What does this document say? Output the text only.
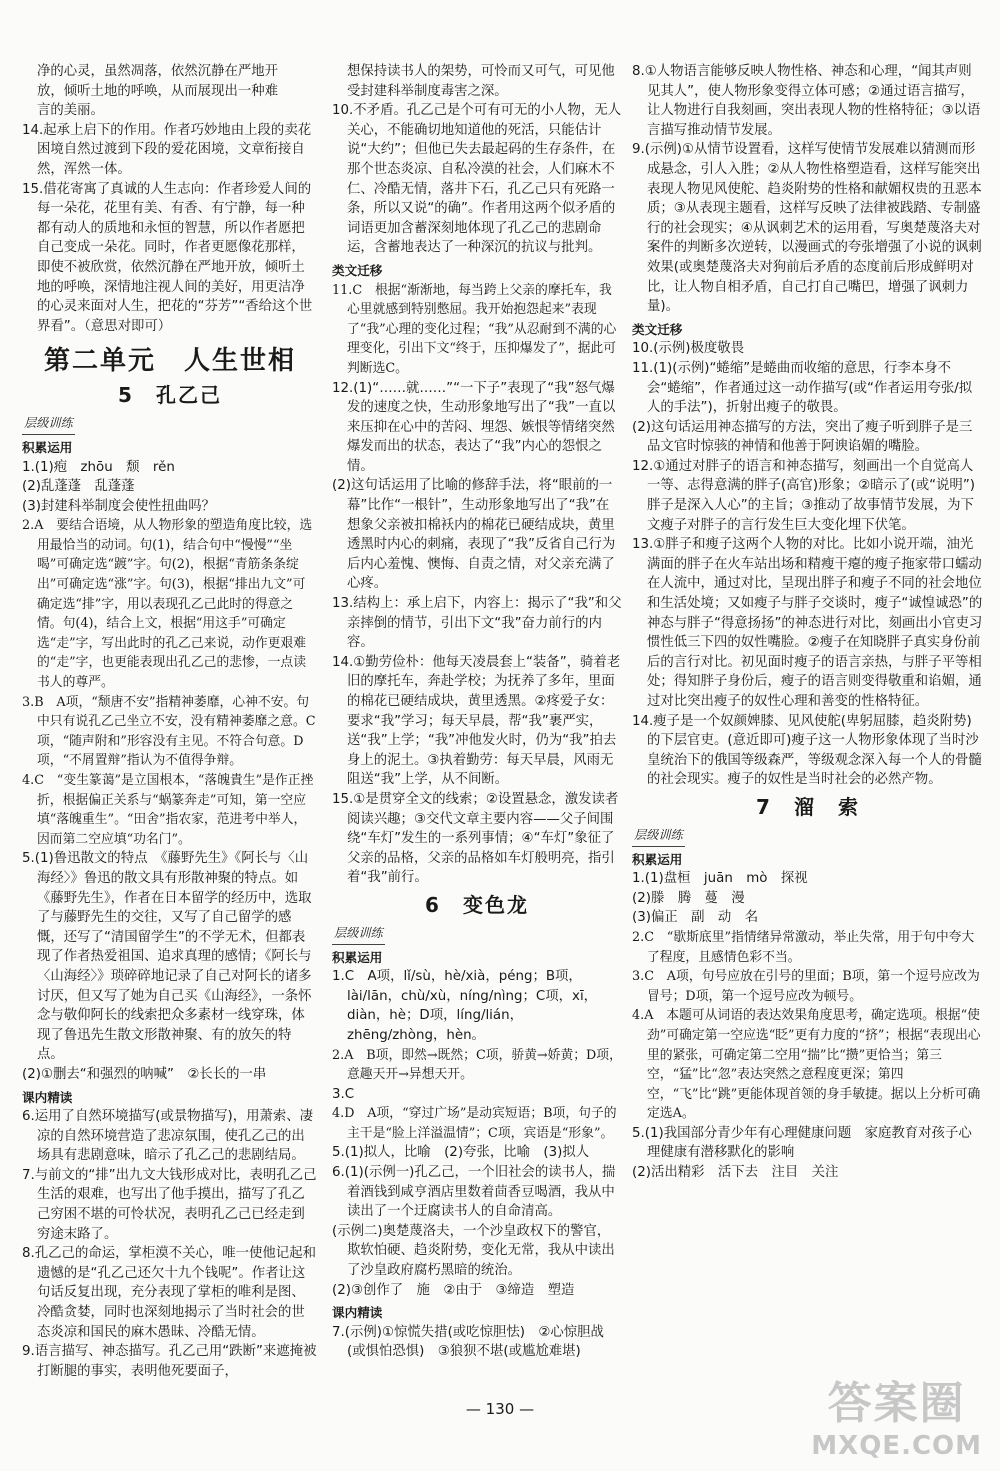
净的心灵，虽然凋落，依然沉静在严地开
放，倾听土地的呼唤，从而展现出一种难
言的美丽。
14.起承上启下的作用。作者巧妙地由上段的卖花困境自然过渡到下段的爱花困境，文章衔接自然，浑然一体。
15.借花寄寓了真诚的人生志向：作者珍爱人间的每一朵花，花里有美、有香、有宁静，每一种都有动人的质地和永恒的智慧，所以作者愿把自己变成一朵花。同时，作者更愿像花那样，即使不被欣赏，依然沉静在严地开放，倾听土地的呼唤，深情地注视人间的美好，用更洁净的心灵来面对人生，把花的“芬芳”“香给这个世界看”。（意思对即可）
第二单元　人生世相
5　孔乙己
层级训练
积累运用
1.(1)疱　zhōu　颓　rěn
(2)乱蓬蓬　乱蓬蓬
(3)封建科举制度会使性扭曲吗？
2.A　要结合语境，从人物形象的塑造角度比较，选用最恰当的动词。句(1)，结合句中“慢慢”“坐喝”可确定选“踱”字。句(2)，根据“青筋条条绽出”可确定选“涨”字。句(3)，根据“排出九文”可确定选“排”字，用以表现孔乙己此时的得意之情。句(4)，结合上文，根据“用这手”可确定选“走”字，写出此时的孔乙己来说，动作更艰难的“走”字，也更能表现出孔乙己的悲惨，一点读书人的尊严。
3.B　A项，“颓唐不安”指精神萎靡，心神不安。句中只有说孔乙己坐立不安，没有精神萎靡之意。C项，“随声附和”形容没有主见。不符合句意。D项，“不屑置辩”指认为不值得争辩。
4.C　“变生篆蔼”是立国根本，“落魄貴生”是作正挫折，根据偏正关系与“蜗篆奔走”可知，第一空应填“落魄重生”。“田舍”指农家，范进考中举人，因而第二空应填“功名门”。
5.(1)鲁迅散文的特点　《藤野先生》《阿长与〈山海经〉》鲁迅的散文具有形散神聚的特点。如《藤野先生》，作者在日本留学的经历中，选取了与藤野先生的交往，又写了自己留学的感慨，还写了“清国留学生”的不学无术，但都表现了作者热爱祖国、追求真理的感情；《阿长与〈山海经〉》琐碎碎地记录了自己对阿长的诸多讨厌，但又写了她为自己买《山海经》，一条怀念与敬仰阿长的线索把众多素材一线穿珠，体现了鲁迅先生散文形散神聚、有的放矢的特点。
(2)①删去“和强烈的呐喊”　②长长的一串
课内精读
6.运用了自然环境描写(或景物描写)，用萧索、凄凉的自然环境营造了悲凉氛围，使孔乙己的出场具有悲剧意味，暗示了孔乙己的悲剧结局。
7.与前文的“排”出九文大钱形成对比，表明孔乙己生活的艰难，也写出了他手摸出，描写了孔乙己穷困不堪的可怜状况，表明孔乙己已经走到穷途末路了。
8.孔乙己的命运，掌柜漠不关心，唯一使他记起和遗憾的是“孔乙己还欠十九个钱呢”。作者让这句话反复出现，充分表现了掌柜的唯利是图、冷酷贪婪，同时也深刻地揭示了当时社会的世态炎凉和国民的麻木愚昧、冷酷无情。
9.语言描写、神态描写。孔乙己用“跌断”来遮掩被打断腿的事实，表明他死要面子，
想保持读书人的架势，可怜而又可气，可见他受封建科举制度毒害之深。
10.不矛盾。孔乙己是个可有可无的小人物，无人关心，不能确切地知道他的死活，只能估计说“大约”；但他已失去最起码的生存条件，在那个世态炎凉、自私冷漠的社会，人们麻木不仁、冷酷无情，落井下石，孔乙己只有死路一条，所以又说“的确”。作者用这两个似矛盾的词语更加含蓄深刻地体现了孔乙己的悲剧命运，含蓄地表达了一种深沉的抗议与批判。
类文迁移
11.C　根据“渐渐地，每当跨上父亲的摩托车，我心里就感到特别憋屈。我开始抱怨起来”表现了“我”心理的变化过程；“我”从忍耐到不满的心理变化，引出下文“终于，压抑爆发了”，据此可判断选C。
12.(1)“……就……”“一下子”表现了“我”怒气爆发的速度之快，生动形象地写出了“我”一直以来压抑在心中的苦闷、埋怨、嫉恨等情绪突然爆发而出的状态，表达了“我”内心的怨恨之情。
(2)这句话运用了比喻的修辞手法，将“眼前的一幕”比作“一根针”，生动形象地写出了“我”在想象父亲被扣棉袄内的棉花已硬结成块，黄里透黑时内心的刺痛，表现了“我”反省自己行为后内心羞愧、懊悔、自责之情，对父亲充满了心疼。
13.结构上：承上启下，内容上：揭示了“我”和父亲摔倒的情节，引出下文“我”奋力前行的内容。
14.①勤劳俭朴：他每天凌晨套上“装备”，骑着老旧的摩托车，奔赴学校；为抚养了多年，里面的棉花已硬结成块，黄里透黑。②疼爱子女：要求“我”学习；每天早晨，帮“我”裹严实，送“我”上学；“我”冲他发火时，仍为“我”拍去身上的泥土。③执着勤劳：每天早晨，风雨无阻送“我”上学，从不间断。
15.①是贯穿全文的线索；②设置悬念，激发读者阅读兴趣；③交代文章主要内容——父子间围绕“车灯”发生的一系列事情；④“车灯”象征了父亲的品格，父亲的品格如车灯般明亮，指引着“我”前行。
6　变色龙
层级训练
积累运用
1.C　A项，lǐ/sù，hè/xià，péng；B项，lài/lān，chù/xù，níng/nìng；C项，xī，diàn，hè；D项，líng/lián，zhēng/zhòng，hèn。
2.A　B项，即然→既然；C项，骄黄→娇黄；D项，意趣天开→异想天开。
3.C
4.D　A项，“穿过广场”是动宾短语；B项，句子的主干是“脸上洋溢温情”；C项，宾语是“形象”。
5.(1)拟人，比喻　(2)夸张，比喻　(3)拟人
6.(1)(示例一)孔乙己，一个旧社会的读书人，揣着酒钱到咸亨酒店里数着茴香豆喝酒，我从中读出了一个迂腐读书人的自命清高。
(示例二)奥楚蔑洛夫，一个沙皇政权下的警官，欺软怕硬、趋炎附势，变化无常，我从中读出了沙皇政府腐朽黑暗的统治。
(2)③创作了　施　②由于　③缔造　塑造
课内精读
7.(示例)①惊慌失措(或吃惊胆怯)　②心惊胆战(或惧怕恐惧)　③狼狈不堪(或尴尬难堪)
8.①人物语言能够反映人物性格、神态和心理，“闻其声则见其人”，使人物形象变得立体可感；②通过语言描写，让人物进行自我刻画，突出表现人物的性格特征；③以语言描写推动情节发展。
9.(示例)①从情节设置看，这样写使情节发展难以猜测而形成悬念，引人入胜；②从人物性格塑造看，这样写能突出表现人物见风使舵、趋炎附势的性格和献媚权贵的丑恶本质；③从表现主题看，这样写反映了法律被践踏、专制盛行的社会现实；④从讽刺艺术的运用看，写奥楚蔑洛夫对案件的判断多次逆转，以漫画式的夸张增强了小说的讽刺效果(或奥楚蔑洛夫对狗前后矛盾的态度前后形成鲜明对比，让人物自相矛盾，自己打自己嘴巴，增强了讽刺力量)。
类文迁移
10.(示例)极度敬畏
11.(1)(示例)“蜷缩”是蜷曲而收缩的意思，行李本身不会“蜷缩”，作者通过这一动作描写(或“作者运用夸张/拟人的手法”)，折射出瘦子的敬畏。
(2)这句话运用神态描写的方法，突出了瘦子听到胖子是三品文官时惊骇的神情和他善于阿谀谄媚的嘴脸。
12.①通过对胖子的语言和神态描写，刻画出一个自觉高人一等、志得意满的胖子(高官)形象；②暗示了(或“说明”)胖子是深入人心”的主旨；③推动了故事情节发展，为下文瘦子对胖子的言行发生巨大变化埋下伏笔。
13.①胖子和瘦子这两个人物的对比。比如小说开端，油光满面的胖子在火车站出场和精瘦干瘪的瘦子拖家带口蠕动在人流中，通过对比，呈现出胖子和瘦子不同的社会地位和生活处境；又如瘦子与胖子交谈时，瘦子“诚惶诚恐”的神态与胖子“得意扬扬”的神态进行对比，刻画出小官吏习惯性低三下四的奴性嘴脸。②瘦子在知晓胖子真实身份前后的言行对比。初见面时瘦子的语言亲热，与胖子平等相处；得知胖子身份后，瘦子的语言则变得敬重和谄媚，通过对比突出瘦子的奴性心理和善变的性格特征。
14.瘦子是一个奴颜婢膝、见风使舵(卑躬屈膝，趋炎附势)的下层官吏。(意近即可)瘦子这一人物形象体现了当时沙皇统治下的俄国等级森严，等级观念深入每一个人的骨髓的社会现实。瘦子的奴性是当时社会的必然产物。
7　溜　索
层级训练
积累运用
1.(1)盘桓　juān　mò　探视
(2)滕　腾　蔓　漫
(3)偏正　副　动　名
2.C　“歇斯底里”指情绪异常激动，举止失常，用于句中夸大了程度，且感情色彩不当。
3.C　A项，句号应放在引号的里面；B项，第一个逗号应改为冒号；D项，第一个逗号应改为顿号。
4.A　本题可从词语的表达效果角度思考，确定选项。根据“使劲”可确定第一空应选“眨”更有力度的“挤”；根据“表现出心里的紧张，可确定第二空用“揣”比“攒”更恰当；第三空，“猛”比“忽”表达突然之意程度更深；第四空，“飞”比“跳”更能体现首领的身手敏捷。据以上分析可确定选A。
5.(1)我国部分青少年有心理健康问题　家庭教育对孩子心理健康有潜移默化的影响
(2)活出精彩　活下去　注目　关注
— 130 —	答案圈
MXQE.COM
